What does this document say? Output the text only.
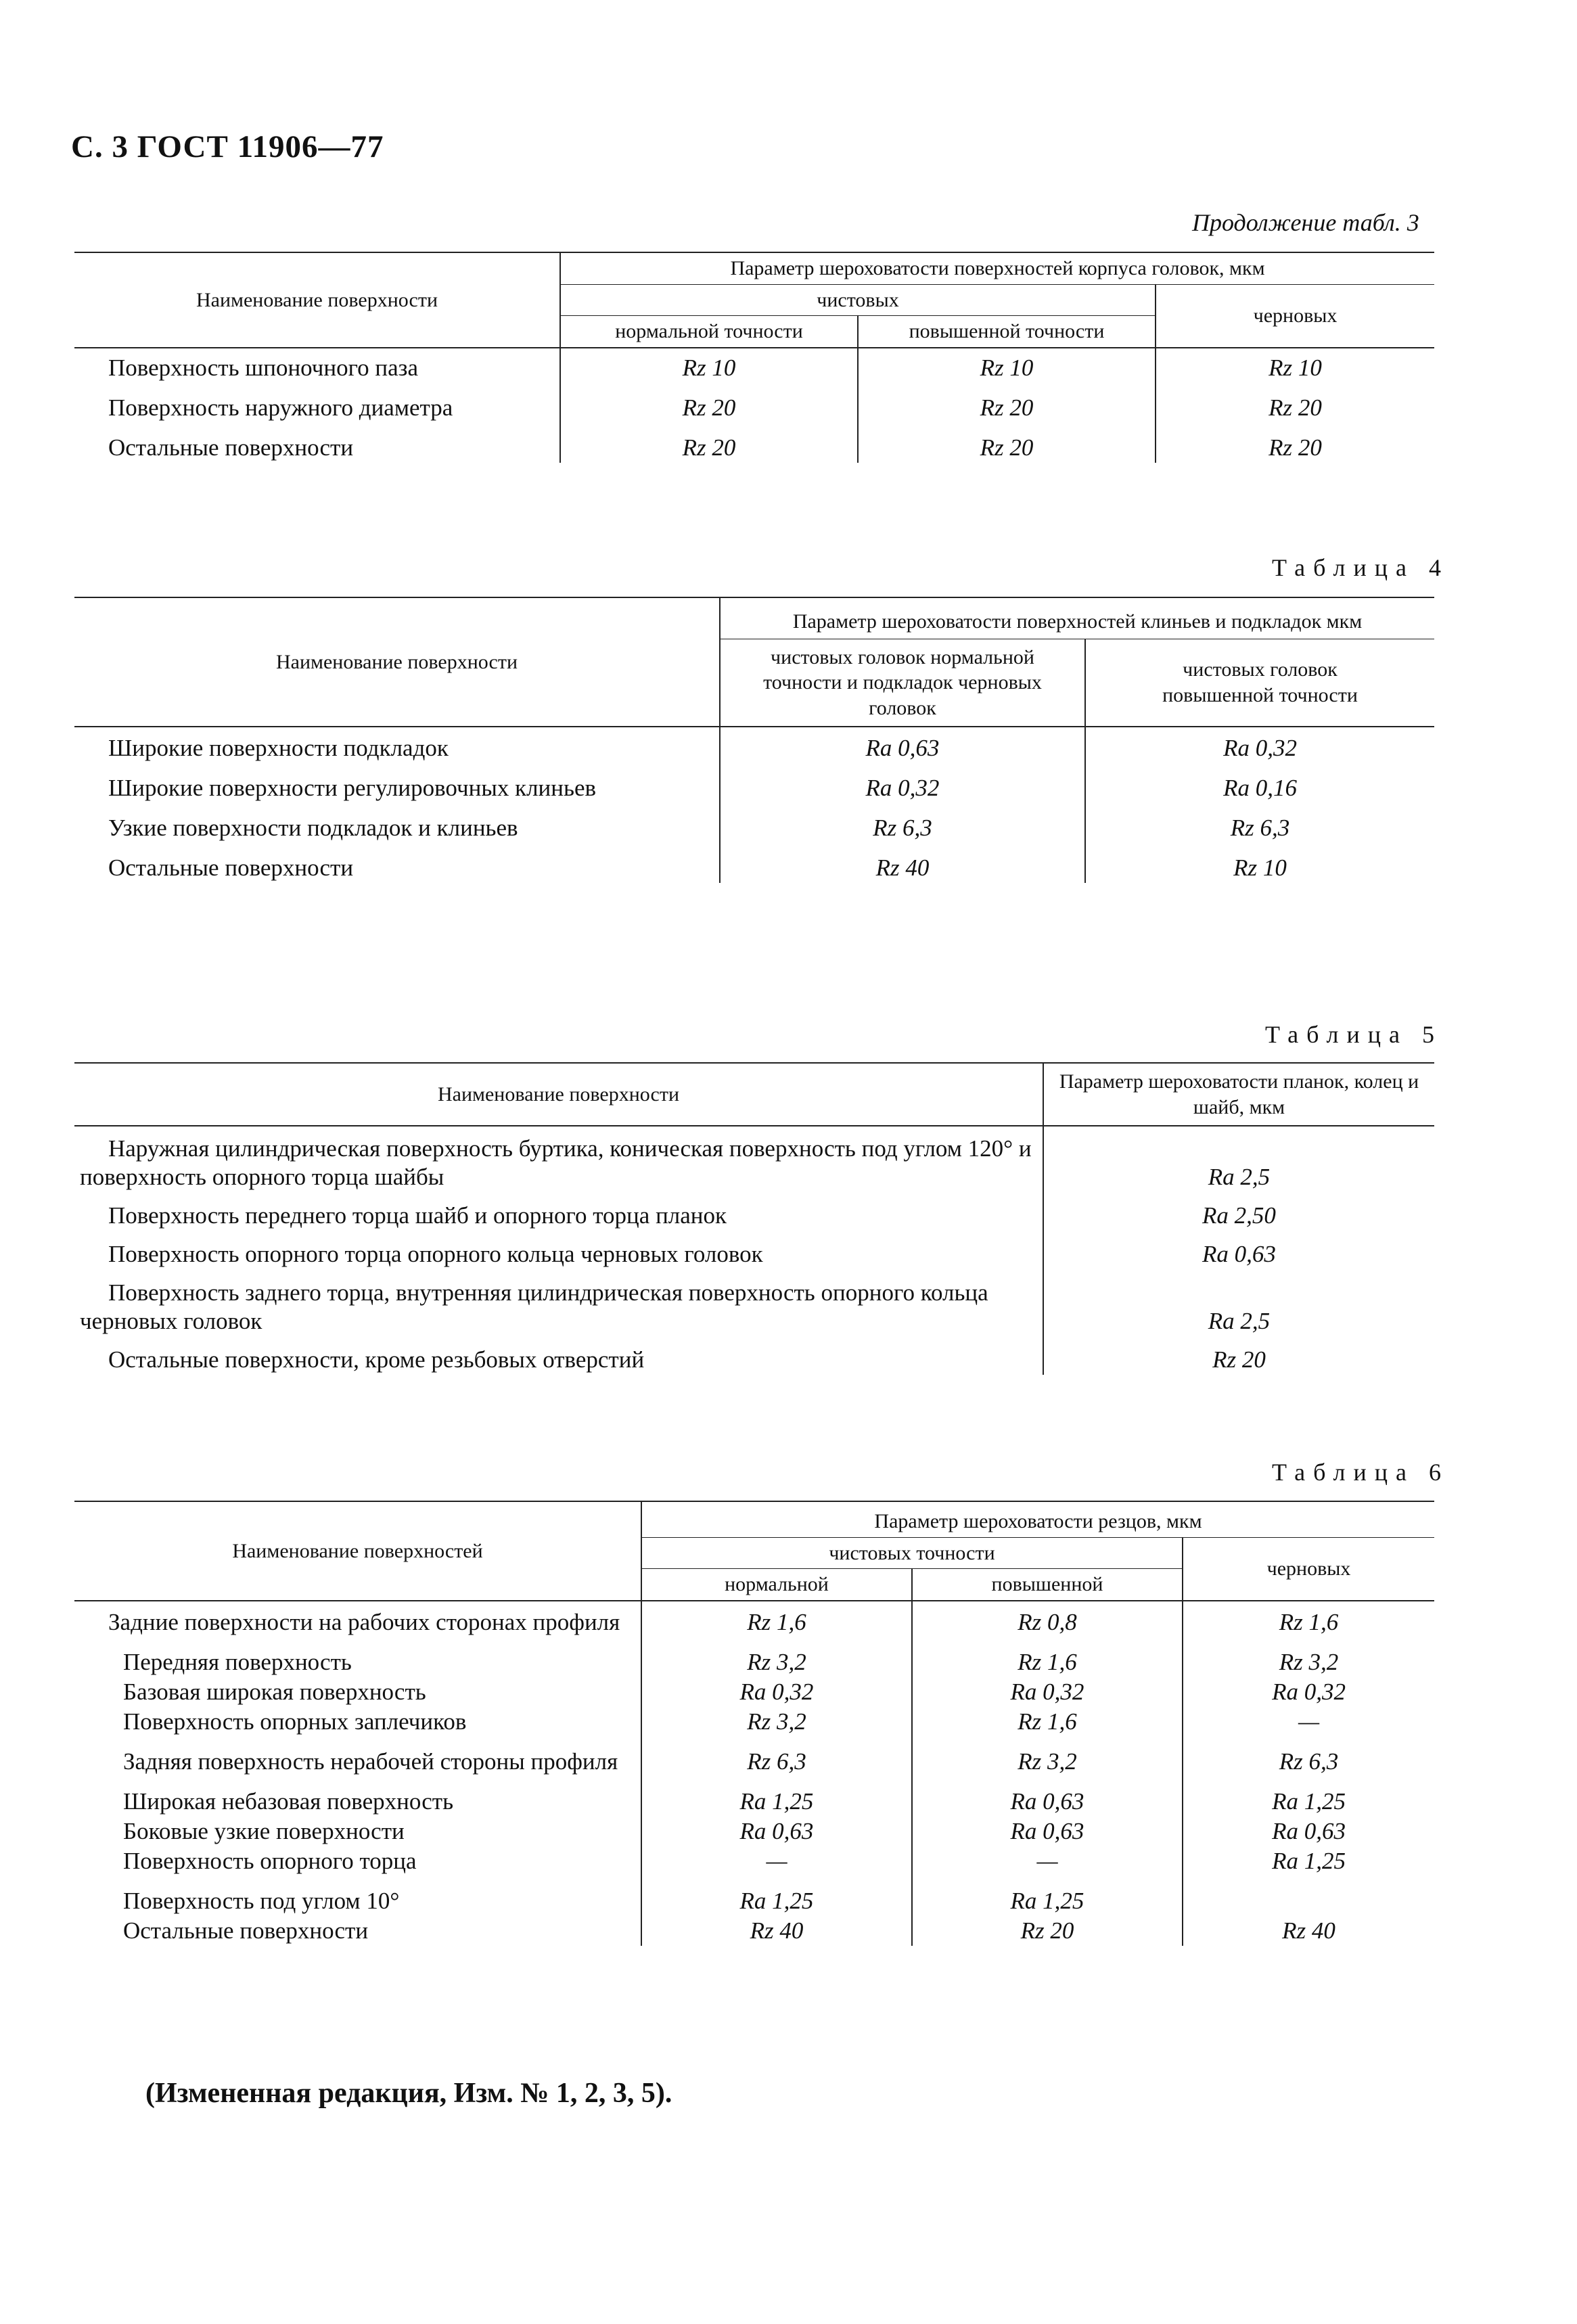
С. 3 ГОСТ 11906—77
Продолжение табл. 3
Наименование поверхности	Параметр шероховатости поверхностей корпуса головок, мкм		
	чистовых		черновых
	нормальной точности	повышенной точности	
Поверхность шпоночного паза	Rz 10	Rz 10	Rz 10
Поверхность наружного диаметра	Rz 20	Rz 20	Rz 20
Остальные поверхности	Rz 20	Rz 20	Rz 20
Таблица 4
Наименование поверхности	Параметр шероховатости поверхностей клиньев и подкладок мкм	
	чистовых головок нормальной точности и подкладок черновых головок	чистовых головок повышенной точности
Широкие поверхности подкладок	Ra 0,63	Ra 0,32
Широкие поверхности регулировочных клиньев	Ra 0,32	Ra 0,16
Узкие поверхности подкладок и клиньев	Rz 6,3	Rz 6,3
Остальные поверхности	Rz 40	Rz 10
Таблица 5
Наименование поверхности	Параметр шероховатости планок, колец и шайб, мкм
Наружная цилиндрическая поверхность буртика, коническая поверхность под углом 120° и поверхность опорного торца шайбы	Ra 2,5
Поверхность переднего торца шайб и опорного торца планок	Ra 2,50
Поверхность опорного торца опорного кольца черновых головок	Ra 0,63
Поверхность заднего торца, внутренняя цилиндрическая поверхность опорного кольца черновых головок	Ra 2,5
Остальные поверхности, кроме резьбовых отверстий	Rz 20
Таблица 6
Наименование поверхностей	Параметр шероховатости резцов, мкм		
	чистовых точности		черновых
	нормальной	повышенной	
Задние поверхности на рабочих сторонах профиля	Rz 1,6	Rz 0,8	Rz 1,6
Передняя поверхность	Rz 3,2	Rz 1,6	Rz 3,2
Базовая широкая поверхность	Ra 0,32	Ra 0,32	Ra 0,32
Поверхность опорных заплечиков	Rz 3,2	Rz 1,6	—
Задняя поверхность нерабочей стороны профиля	Rz 6,3	Rz 3,2	Rz 6,3
Широкая небазовая поверхность	Ra 1,25	Ra 0,63	Ra 1,25
Боковые узкие поверхности	Ra 0,63	Ra 0,63	Ra 0,63
Поверхность опорного торца	—	—	Ra 1,25
Поверхность под углом 10°	Ra 1,25	Ra 1,25	
Остальные поверхности	Rz 40	Rz 20	Rz 40
(Измененная редакция, Изм. № 1, 2, 3, 5).
